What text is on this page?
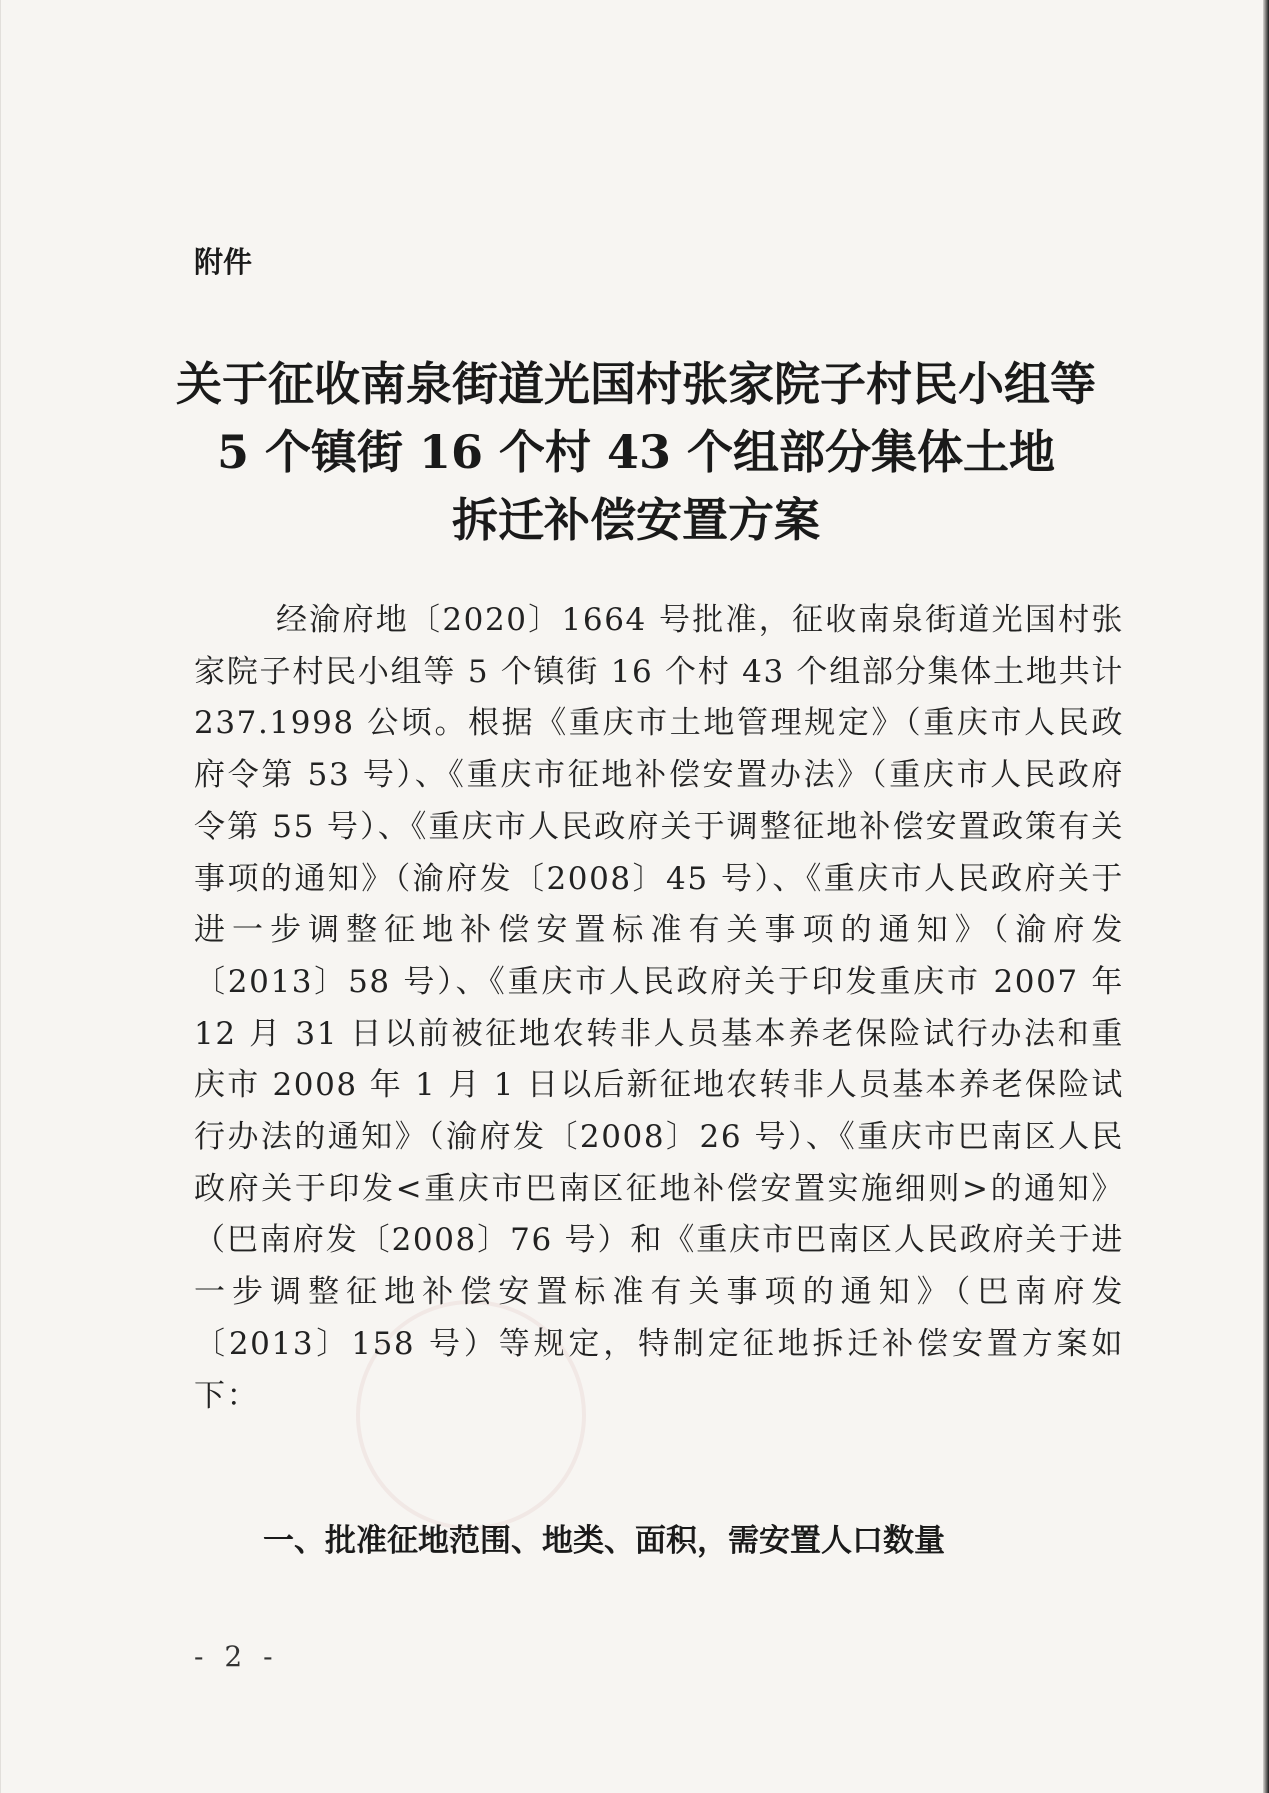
附件

关于征收南泉街道光国村张家院子村民小组等
5 个镇街 16 个村 43 个组部分集体土地
拆迁补偿安置方案

经渝府地〔2020〕1664 号批准，征收南泉街道光国村张家院子村民小组等 5 个镇街 16 个村 43 个组部分集体土地共计 237.1998 公顷。根据《重庆市土地管理规定》（重庆市人民政府令第 53 号）、《重庆市征地补偿安置办法》（重庆市人民政府令第 55 号）、《重庆市人民政府关于调整征地补偿安置政策有关事项的通知》（渝府发〔2008〕45 号）、《重庆市人民政府关于进一步调整征地补偿安置标准有关事项的通知》（渝府发〔2013〕58 号）、《重庆市人民政府关于印发重庆市 2007 年 12 月 31 日以前被征地农转非人员基本养老保险试行办法和重庆市 2008 年 1 月 1 日以后新征地农转非人员基本养老保险试行办法的通知》（渝府发〔2008〕26 号）、《重庆市巴南区人民政府关于印发<重庆市巴南区征地补偿安置实施细则>的通知》（巴南府发〔2008〕76 号）和《重庆市巴南区人民政府关于进一步调整征地补偿安置标准有关事项的通知》（巴南府发〔2013〕158 号）等规定，特制定征地拆迁补偿安置方案如下：

一、批准征地范围、地类、面积，需安置人口数量

- 2 -
